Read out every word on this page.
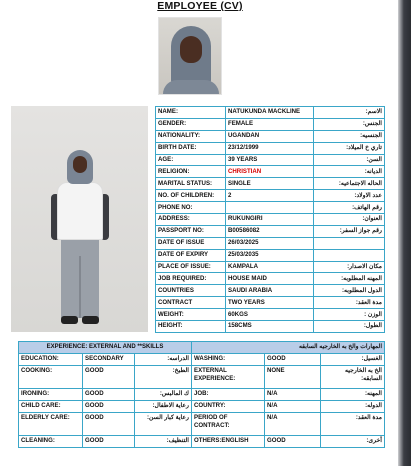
EMPLOYEE (CV)
NAME:	NATUKUNDA MACKLINE	الاسم:
GENDER:	FEMALE	الجنس:
NATIONALITY:	UGANDAN	الجنسيه:
BIRTH DATE:	23/12/1999	تاري خ الميلاد:
AGE:	39 YEARS	السن:
RELIGION:	CHRISTIAN	الديانه:
MARITAL STATUS:	SINGLE	الحاله الاجتماعيه:
NO. OF CHILDREN:	2	عدد الاولاد:
PHONE NO:		رقم الهاتف:
ADDRESS:	RUKUNGIRI	العنوان:
PASSPORT NO:	B00586082	رقم جواز السفر:
DATE OF ISSUE	26/03/2025	
DATE OF EXPIRY	25/03/2035	
PLACE OF ISSUE:	KAMPALA	مكان الاصدار:
JOB REQUIRED:	HOUSE MAID	المهنه المطلوبه:
COUNTRIES	SAUDI ARABIA	الدول المطلوبه:
CONTRACT	TWO YEARS	مدة العقد:
WEIGHT:	60KGS	الوزن :
HEIGHT:	158CMS	الطول:
EXPERIENCE: EXTERNAL AND **SKILLS			المهارات والخ به الخارجيه السابقه		
EDUCATION:	SECONDARY	الدراسه:	WASHING:	GOOD	الغسيل:
COOKING:	GOOD	الطبخ:	EXTERNAL EXPERIENCE:	NONE	الخ به الخارجيه السابقه:
IRONING:	GOOD	ك المالبس:	JOB:	N/A	المهنه:
CHILD CARE:	GOOD	رعاية الاطفال:	COUNTRY:	N/A	الدوله:
ELDERLY CARE:	GOOD	رعاية كبار السن:	PERIOD OF CONTRACT:	N/A	مدة العقد:
CLEANING:	GOOD	التنظيف:	OTHERS:ENGLISH	GOOD	أخرى:
